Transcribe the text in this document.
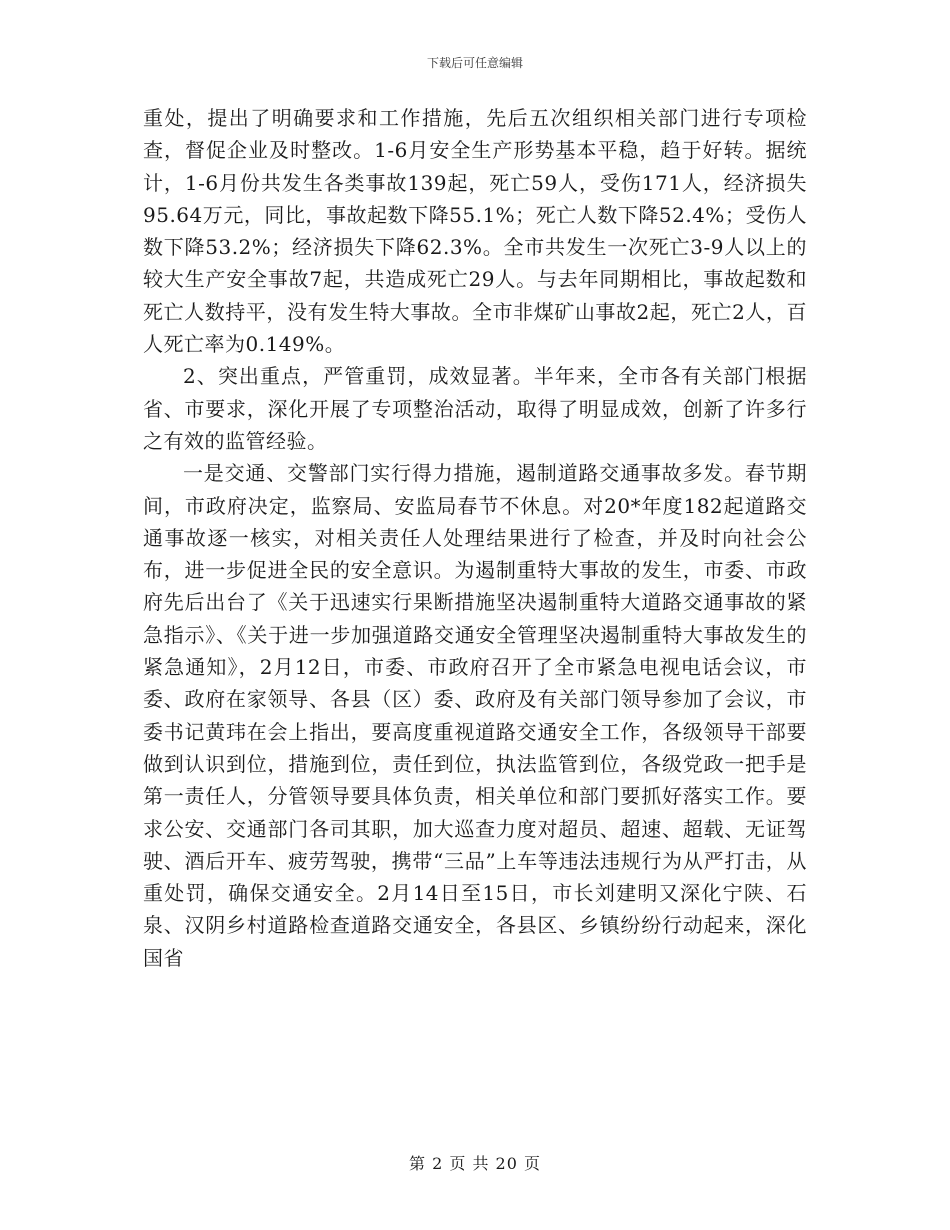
下载后可任意编辑

重处，提出了明确要求和工作措施，先后五次组织相关部门进行专项检查，督促企业及时整改。1-6月安全生产形势基本平稳，趋于好转。据统计，1-6月份共发生各类事故139起，死亡59人，受伤171人，经济损失95.64万元，同比，事故起数下降55.1%；死亡人数下降52.4%；受伤人数下降53.2%；经济损失下降62.3%。全市共发生一次死亡3-9人以上的较大生产安全事故7起，共造成死亡29人。与去年同期相比，事故起数和死亡人数持平，没有发生特大事故。全市非煤矿山事故2起，死亡2人，百人死亡率为0.149%。

2、突出重点，严管重罚，成效显著。半年来，全市各有关部门根据省、市要求，深化开展了专项整治活动，取得了明显成效，创新了许多行之有效的监管经验。

一是交通、交警部门实行得力措施，遏制道路交通事故多发。春节期间，市政府决定，监察局、安监局春节不休息。对20*年度182起道路交通事故逐一核实，对相关责任人处理结果进行了检查，并及时向社会公布，进一步促进全民的安全意识。为遏制重特大事故的发生，市委、市政府先后出台了《关于迅速实行果断措施坚决遏制重特大道路交通事故的紧急指示》、《关于进一步加强道路交通安全管理坚决遏制重特大事故发生的紧急通知》，2月12日，市委、市政府召开了全市紧急电视电话会议，市委、政府在家领导、各县（区）委、政府及有关部门领导参加了会议，市委书记黄玮在会上指出，要高度重视道路交通安全工作，各级领导干部要做到认识到位，措施到位，责任到位，执法监管到位，各级党政一把手是第一责任人，分管领导要具体负责，相关单位和部门要抓好落实工作。要求公安、交通部门各司其职，加大巡查力度对超员、超速、超载、无证驾驶、酒后开车、疲劳驾驶，携带“三品”上车等违法违规行为从严打击，从重处罚，确保交通安全。2月14日至15日，市长刘建明又深化宁陕、石泉、汉阴乡村道路检查道路交通安全，各县区、乡镇纷纷行动起来，深化国省

第 2 页 共 20 页
